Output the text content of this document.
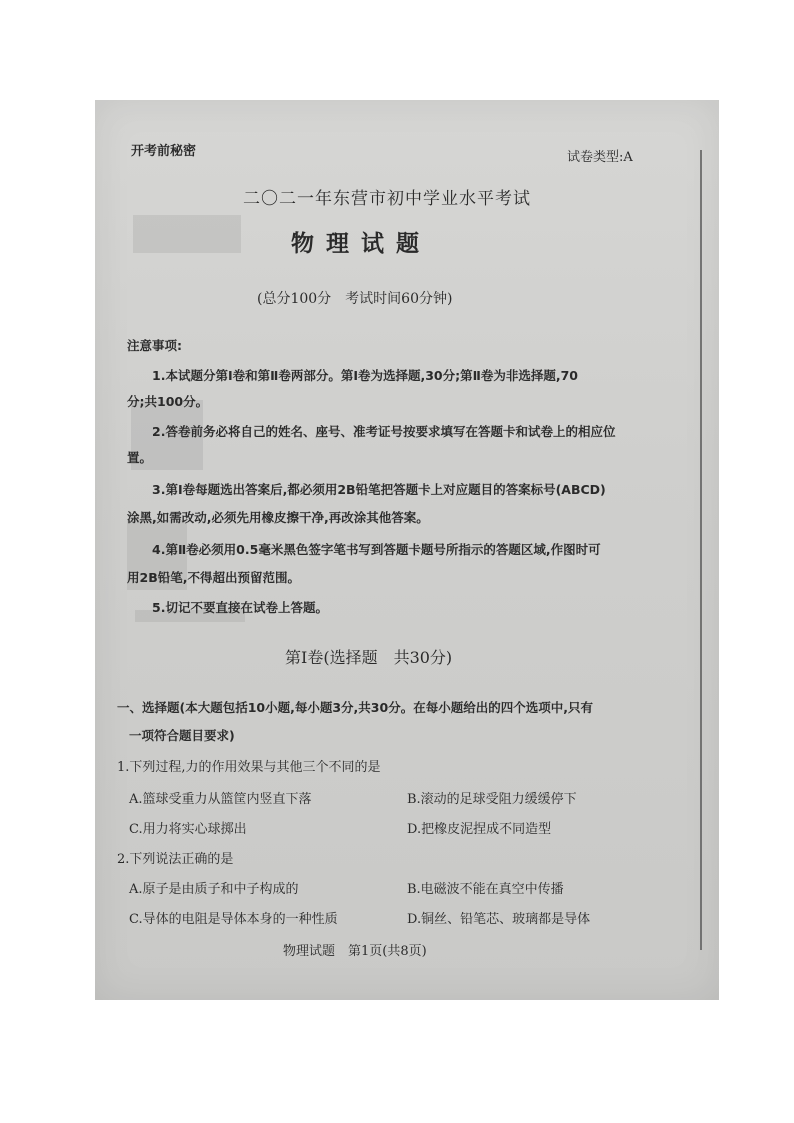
开考前秘密	试卷类型:A
二〇二一年东营市初中学业水平考试
物理试题
(总分100分　考试时间60分钟)
注意事项:
1.本试题分第Ⅰ卷和第Ⅱ卷两部分。第Ⅰ卷为选择题,30分;第Ⅱ卷为非选择题,70
分;共100分。
2.答卷前务必将自己的姓名、座号、准考证号按要求填写在答题卡和试卷上的相应位
置。
3.第Ⅰ卷每题选出答案后,都必须用2B铅笔把答题卡上对应题目的答案标号(ABCD)
涂黑,如需改动,必须先用橡皮擦干净,再改涂其他答案。
4.第Ⅱ卷必须用0.5毫米黑色签字笔书写到答题卡题号所指示的答题区域,作图时可
用2B铅笔,不得超出预留范围。
5.切记不要直接在试卷上答题。
第Ⅰ卷(选择题　共30分)
一、选择题(本大题包括10小题,每小题3分,共30分。在每小题给出的四个选项中,只有
一项符合题目要求)
1.下列过程,力的作用效果与其他三个不同的是
A.篮球受重力从篮筐内竖直下落	B.滚动的足球受阻力缓缓停下
C.用力将实心球掷出	D.把橡皮泥捏成不同造型
2.下列说法正确的是
A.原子是由质子和中子构成的	B.电磁波不能在真空中传播
C.导体的电阻是导体本身的一种性质	D.铜丝、铅笔芯、玻璃都是导体
物理试题　第1页(共8页)
